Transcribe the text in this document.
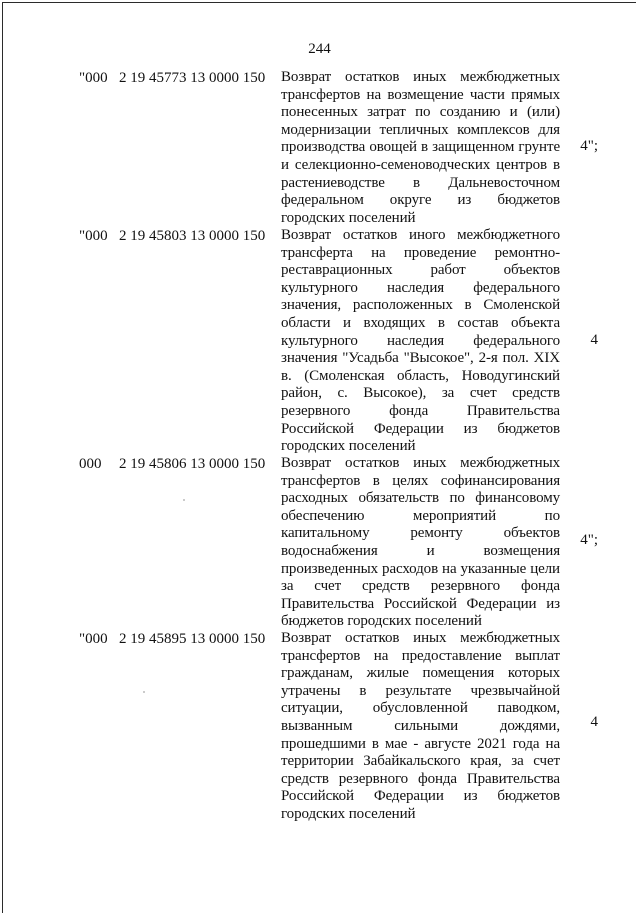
244
"000 2 19 45773 13 0000 150 Возврат остатков иных межбюджетных трансфертов на возмещение части прямых понесенных затрат по созданию и (или) модернизации тепличных комплексов для производства овощей в защищенном грунте и селекционно-семеноводческих центров в растениеводстве в Дальневосточном федеральном округе из бюджетов городских поселений
4";
"000 2 19 45803 13 0000 150 Возврат остатков иного межбюджетного трансферта на проведение ремонтно-реставрационных работ объектов культурного наследия федерального значения, расположенных в Смоленской области и входящих в состав объекта культурного наследия федерального значения "Усадьба "Высокое", 2-я пол. XIX в. (Смоленская область, Новодугинский район, с. Высокое), за счет средств резервного фонда Правительства Российской Федерации из бюджетов городских поселений
4
000 2 19 45806 13 0000 150 Возврат остатков иных межбюджетных трансфертов в целях софинансирования расходных обязательств по финансовому обеспечению мероприятий по капитальному ремонту объектов водоснабжения и возмещения произведенных расходов на указанные цели за счет средств резервного фонда Правительства Российской Федерации из бюджетов городских поселений
4";
"000 2 19 45895 13 0000 150 Возврат остатков иных межбюджетных трансфертов на предоставление выплат гражданам, жилые помещения которых утрачены в результате чрезвычайной ситуации, обусловленной паводком, вызванным сильными дождями, прошедшими в мае - августе 2021 года на территории Забайкальского края, за счет средств резервного фонда Правительства Российской Федерации из бюджетов городских поселений
4
